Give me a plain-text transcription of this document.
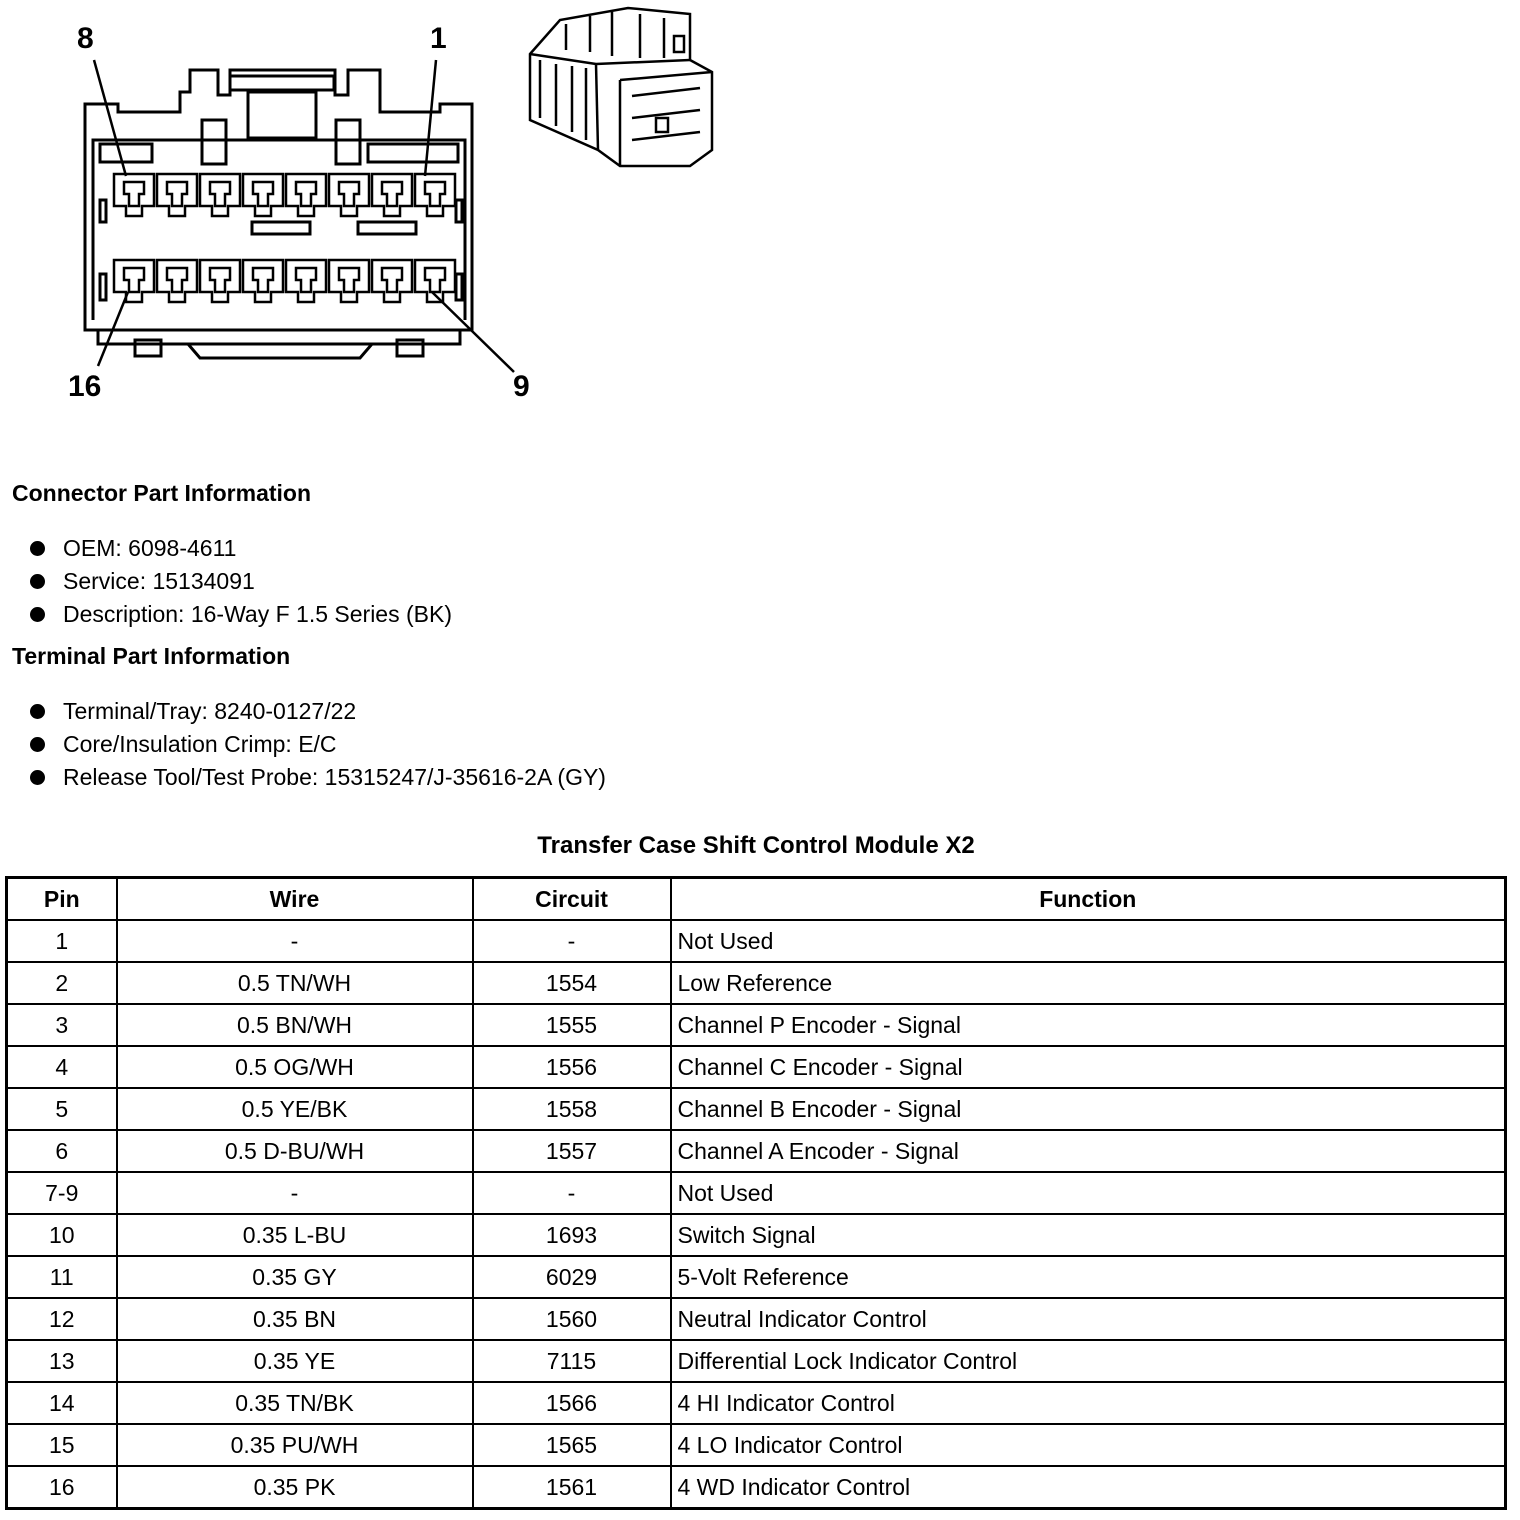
8	1
16	9
Connector Part Information
OEM: 6098-4611
Service: 15134091
Description: 16-Way F 1.5 Series (BK)
Terminal Part Information
Terminal/Tray: 8240-0127/22
Core/Insulation Crimp: E/C
Release Tool/Test Probe: 15315247/J-35616-2A (GY)
Transfer Case Shift Control Module X2
Pin	Wire	Circuit	Function
1	-	-	Not Used
2	0.5 TN/WH	1554	Low Reference
3	0.5 BN/WH	1555	Channel P Encoder - Signal
4	0.5 OG/WH	1556	Channel C Encoder - Signal
5	0.5 YE/BK	1558	Channel B Encoder - Signal
6	0.5 D-BU/WH	1557	Channel A Encoder - Signal
7-9	-	-	Not Used
10	0.35 L-BU	1693	Switch Signal
11	0.35 GY	6029	5-Volt Reference
12	0.35 BN	1560	Neutral Indicator Control
13	0.35 YE	7115	Differential Lock Indicator Control
14	0.35 TN/BK	1566	4 HI Indicator Control
15	0.35 PU/WH	1565	4 LO Indicator Control
16	0.35 PK	1561	4 WD Indicator Control
